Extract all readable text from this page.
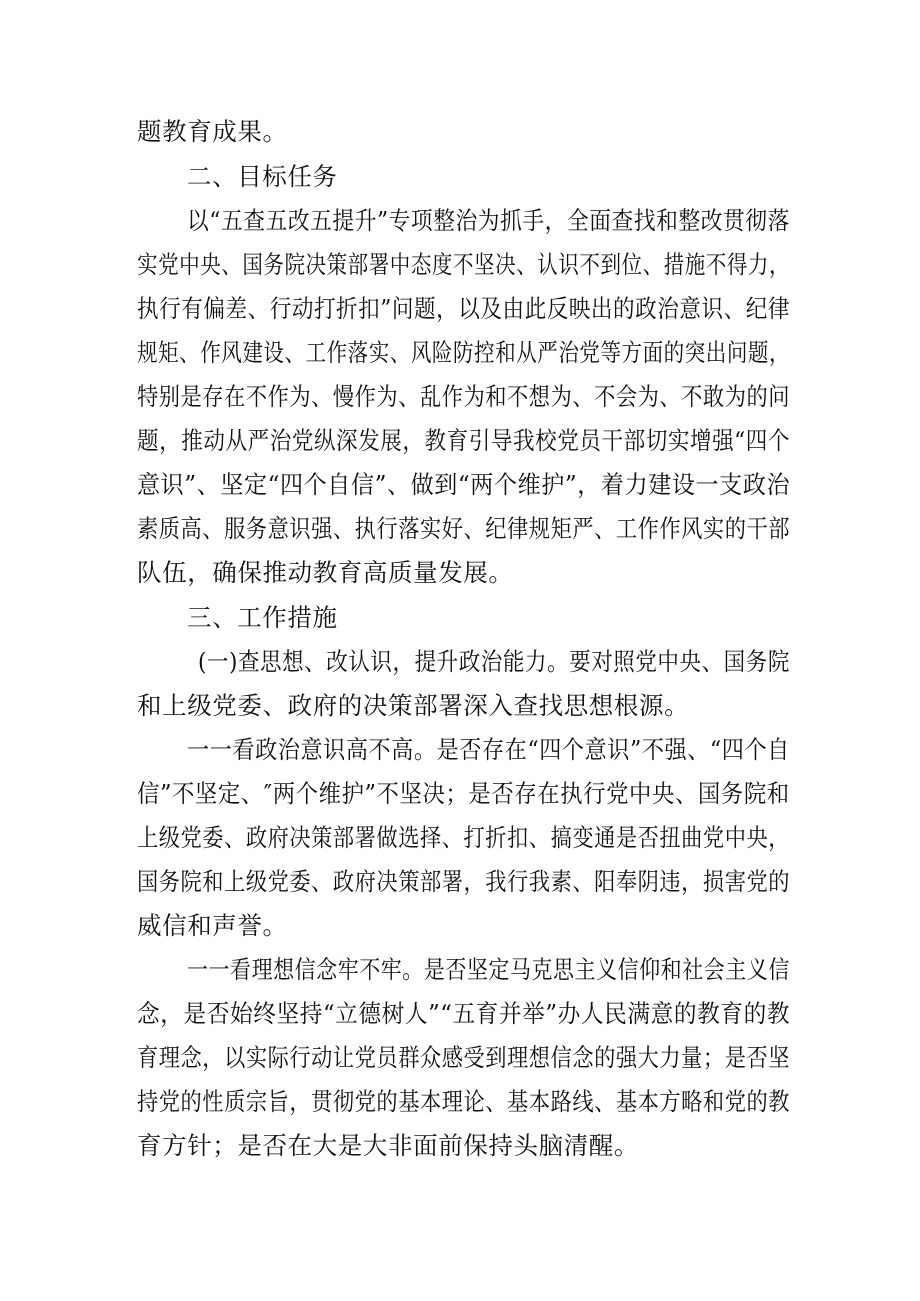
题教育成果。
二、目标任务
以“五查五改五提升”专项整治为抓手，全面查找和整改贯彻落
实党中央、国务院决策部署中态度不坚决、认识不到位、措施不得力，
执行有偏差、行动打折扣”问题，以及由此反映出的政治意识、纪律
规矩、作风建设、工作落实、风险防控和从严治党等方面的突出问题，
特别是存在不作为、慢作为、乱作为和不想为、不会为、不敢为的问
题，推动从严治党纵深发展，教育引导我校党员干部切实增强“四个
意识”、坚定“四个自信”、做到“两个维护”，着力建设一支政治
素质高、服务意识强、执行落实好、纪律规矩严、工作作风实的干部
队伍，确保推动教育高质量发展。
三、工作措施
(一)查思想、改认识，提升政治能力。要对照党中央、国务院
和上级党委、政府的决策部署深入查找思想根源。
一一看政治意识高不高。是否存在“四个意识”不强、“四个自
信”不坚定、″两个维护”不坚决；是否存在执行党中央、国务院和
上级党委、政府决策部署做选择、打折扣、搞变通是否扭曲党中央，
国务院和上级党委、政府决策部署，我行我素、阳奉阴违，损害党的
威信和声誉。
一一看理想信念牢不牢。是否坚定马克思主义信仰和社会主义信
念，是否始终坚持“立德树人”“五育并举”办人民满意的教育的教
育理念，以实际行动让党员群众感受到理想信念的强大力量；是否坚
持党的性质宗旨，贯彻党的基本理论、基本路线、基本方略和党的教
育方针；是否在大是大非面前保持头脑清醒。
